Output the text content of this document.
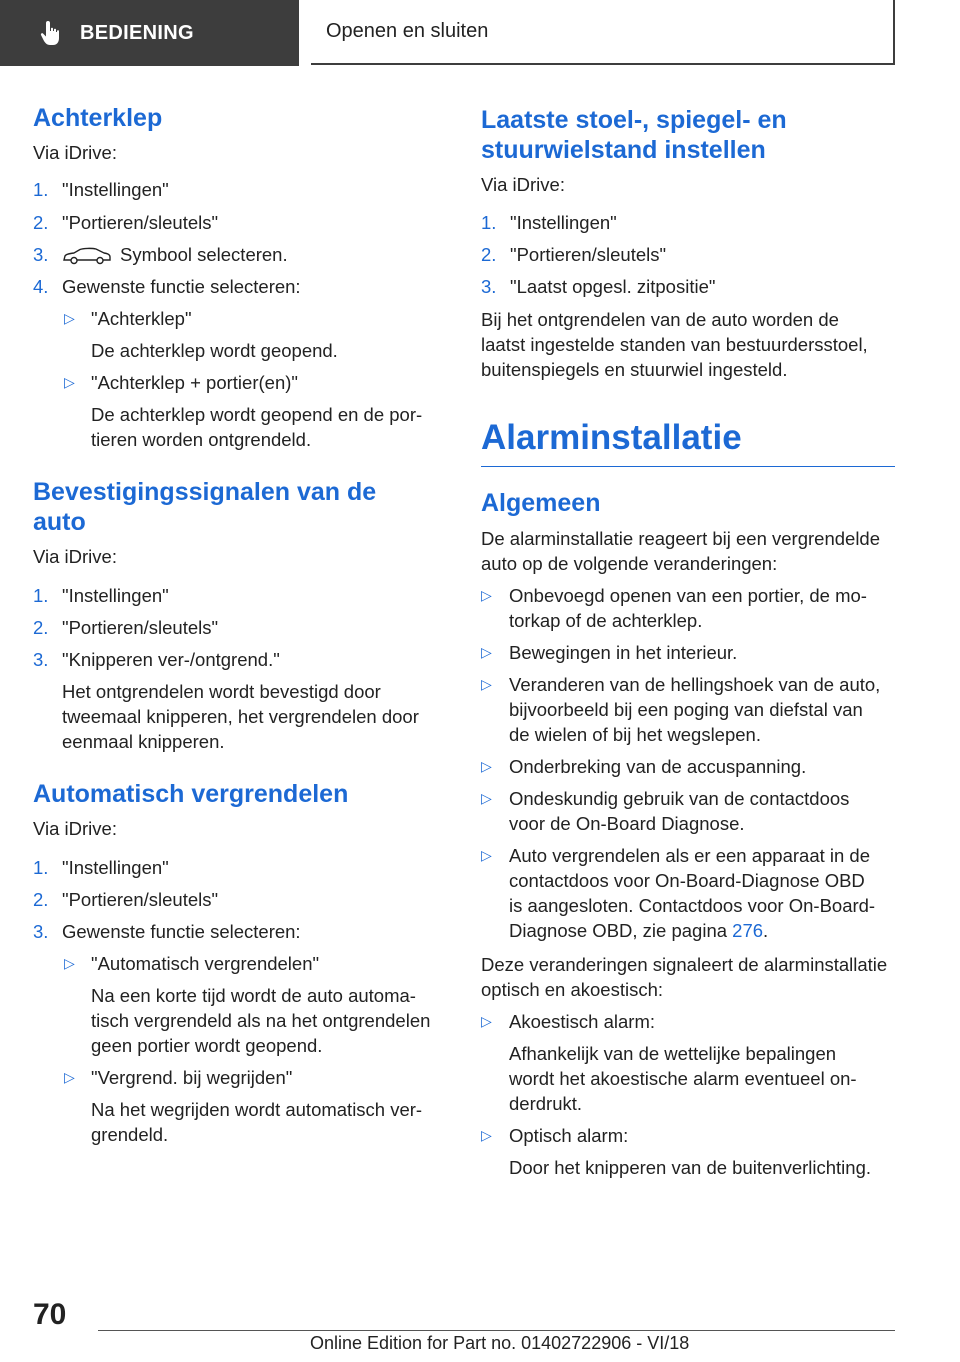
BEDIENING	Openen en sluiten
Achterklep

Via iDrive:

1. "Instellingen"
2. "Portieren/sleutels"
3.	Symbool selecteren.
4. Gewenste functie selecteren:
▷ "Achterklep"
De achterklep wordt geopend.
▷ "Achterklep + portier(en)"
De achterklep wordt geopend en de por-
tieren worden ontgrendeld.
Bevestigingssignalen van de
auto

Via iDrive:

1. "Instellingen"
2. "Portieren/sleutels"
3. "Knipperen ver-/ontgrend."
Het ontgrendelen wordt bevestigd door
tweemaal knipperen, het vergrendelen door
eenmaal knipperen.
Automatisch vergrendelen

Via iDrive:

1. "Instellingen"
2. "Portieren/sleutels"
3. Gewenste functie selecteren:
▷ "Automatisch vergrendelen"
Na een korte tijd wordt de auto automa-
tisch vergrendeld als na het ontgrendelen
geen portier wordt geopend.
▷ "Vergrend. bij wegrijden"
Na het wegrijden wordt automatisch ver-
grendeld.
Laatste stoel-, spiegel- en
stuurwielstand instellen

Via iDrive:

1. "Instellingen"
2. "Portieren/sleutels"
3. "Laatst opgesl. zitpositie"

Bij het ontgrendelen van de auto worden de

laatst ingestelde standen van bestuurdersstoel,

buitenspiegels en stuurwiel ingesteld.

Alarminstallatie
Algemeen

De alarminstallatie reageert bij een vergrendelde

auto op de volgende veranderingen:

▷ Onbevoegd openen van een portier, de mo-
torkap of de achterklep.
▷ Bewegingen in het interieur.
▷ Veranderen van de hellingshoek van de auto,
bijvoorbeeld bij een poging van diefstal van
de wielen of bij het wegslepen.
▷ Onderbreking van de accuspanning.
▷ Ondeskundig gebruik van de contactdoos
voor de On-Board Diagnose.
▷ Auto vergrendelen als er een apparaat in de
contactdoos voor On-Board-Diagnose OBD
is aangesloten. Contactdoos voor On-Board-
Diagnose OBD, zie pagina 276.

Deze veranderingen signaleert de alarminstallatie

optisch en akoestisch:

▷ Akoestisch alarm:
Afhankelijk van de wettelijke bepalingen
wordt het akoestische alarm eventueel on-
derdrukt.
▷ Optisch alarm:
Door het knipperen van de buitenverlichting.
70
Online Edition for Part no. 01402722906 - VI/18
